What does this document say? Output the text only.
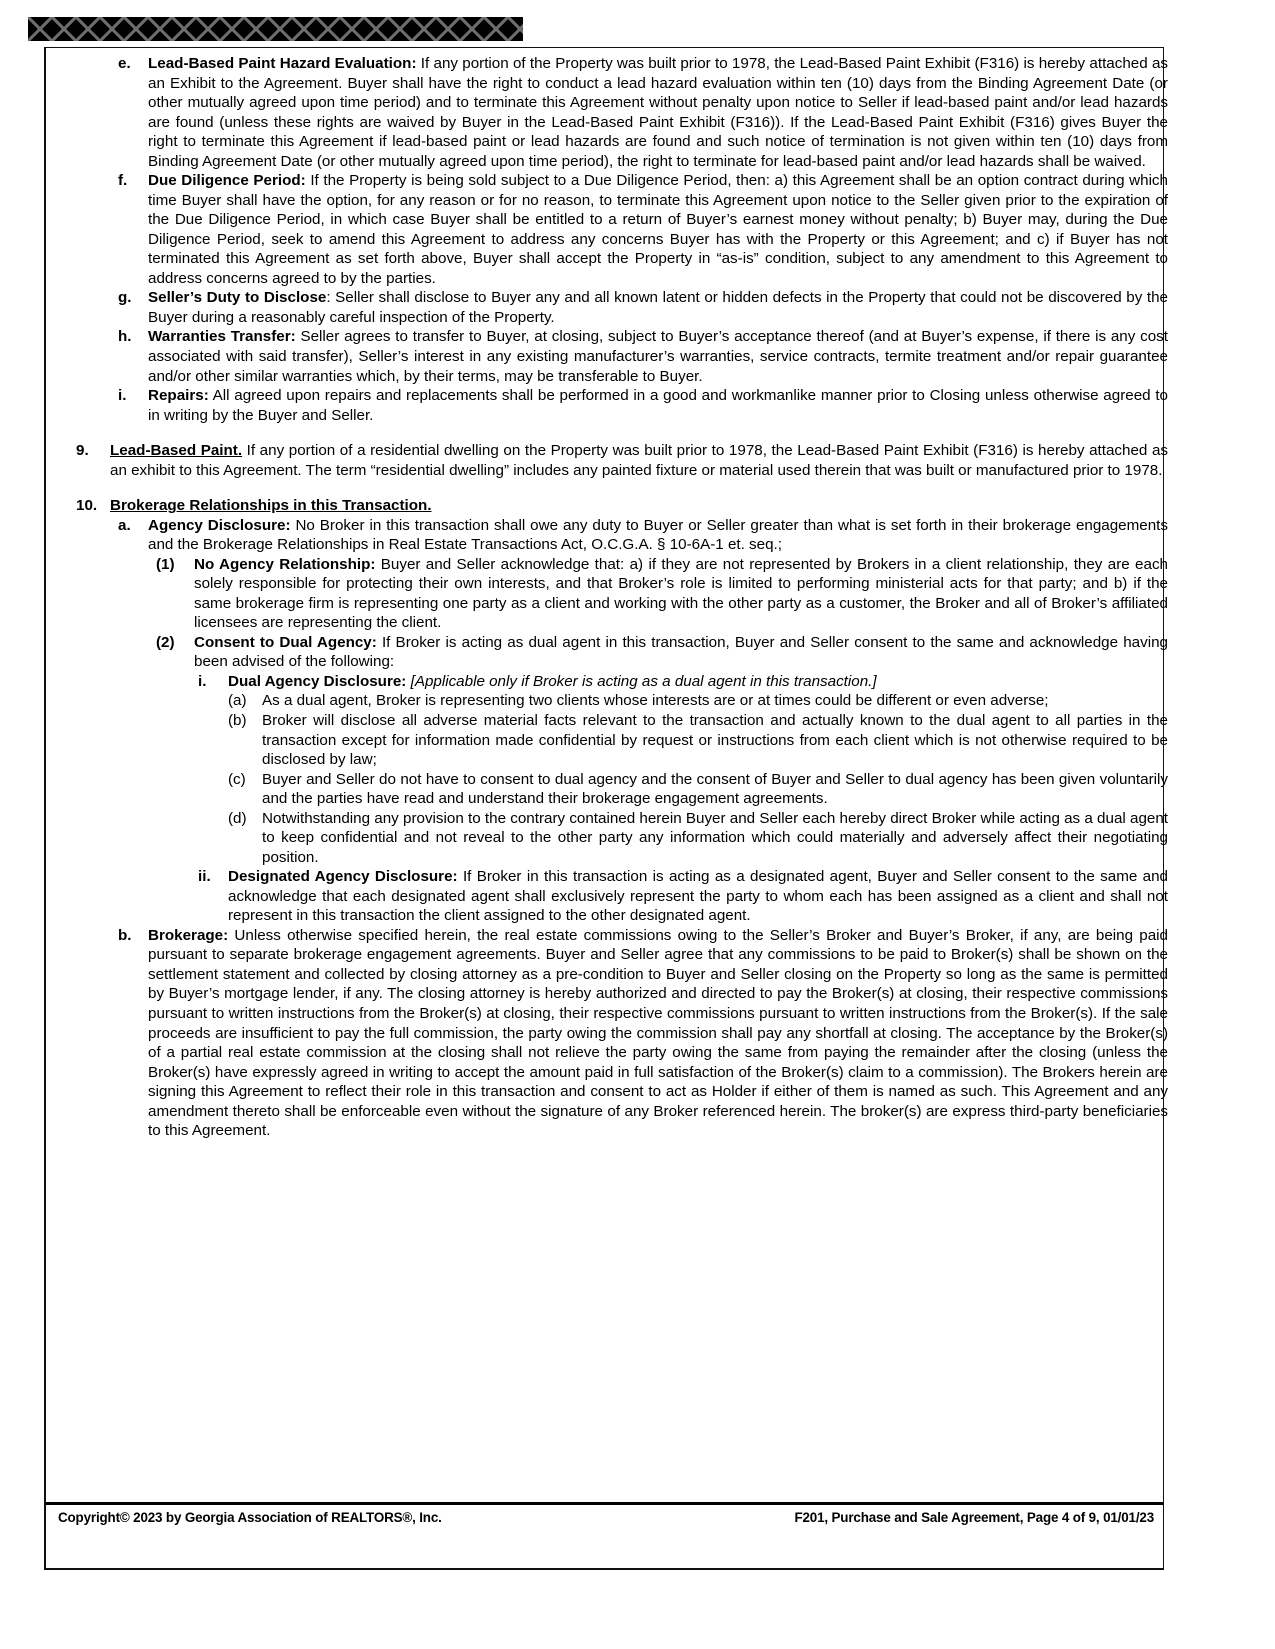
e.	Lead-Based Paint Hazard Evaluation: If any portion of the Property was built prior to 1978, the Lead-Based Paint Exhibit (F316) is hereby attached as an Exhibit to the Agreement. Buyer shall have the right to conduct a lead hazard evaluation within ten (10) days from the Binding Agreement Date (or other mutually agreed upon time period) and to terminate this Agreement without penalty upon notice to Seller if lead-based paint and/or lead hazards are found (unless these rights are waived by Buyer in the Lead-Based Paint Exhibit (F316)). If the Lead-Based Paint Exhibit (F316) gives Buyer the right to terminate this Agreement if lead-based paint or lead hazards are found and such notice of termination is not given within ten (10) days from Binding Agreement Date (or other mutually agreed upon time period), the right to terminate for lead-based paint and/or lead hazards shall be waived.
f.	Due Diligence Period: If the Property is being sold subject to a Due Diligence Period, then: a) this Agreement shall be an option contract during which time Buyer shall have the option, for any reason or for no reason, to terminate this Agreement upon notice to the Seller given prior to the expiration of the Due Diligence Period, in which case Buyer shall be entitled to a return of Buyer’s earnest money without penalty; b) Buyer may, during the Due Diligence Period, seek to amend this Agreement to address any concerns Buyer has with the Property or this Agreement; and c) if Buyer has not terminated this Agreement as set forth above, Buyer shall accept the Property in “as-is” condition, subject to any amendment to this Agreement to address concerns agreed to by the parties.
g.	Seller’s Duty to Disclose: Seller shall disclose to Buyer any and all known latent or hidden defects in the Property that could not be discovered by the Buyer during a reasonably careful inspection of the Property.
h.	Warranties Transfer: Seller agrees to transfer to Buyer, at closing, subject to Buyer’s acceptance thereof (and at Buyer’s expense, if there is any cost associated with said transfer), Seller’s interest in any existing manufacturer’s warranties, service contracts, termite treatment and/or repair guarantee and/or other similar warranties which, by their terms, may be transferable to Buyer.
i.	Repairs: All agreed upon repairs and replacements shall be performed in a good and workmanlike manner prior to Closing unless otherwise agreed to in writing by the Buyer and Seller.
9.	Lead-Based Paint. If any portion of a residential dwelling on the Property was built prior to 1978, the Lead-Based Paint Exhibit (F316) is hereby attached as an exhibit to this Agreement. The term “residential dwelling” includes any painted fixture or material used therein that was built or manufactured prior to 1978.
10. Brokerage Relationships in this Transaction.
a.	Agency Disclosure: No Broker in this transaction shall owe any duty to Buyer or Seller greater than what is set forth in their brokerage engagements and the Brokerage Relationships in Real Estate Transactions Act, O.C.G.A. § 10-6A-1 et. seq.;
(1)	No Agency Relationship: Buyer and Seller acknowledge that: a) if they are not represented by Brokers in a client relationship, they are each solely responsible for protecting their own interests, and that Broker’s role is limited to performing ministerial acts for that party; and b) if the same brokerage firm is representing one party as a client and working with the other party as a customer, the Broker and all of Broker’s affiliated licensees are representing the client.
(2)	Consent to Dual Agency: If Broker is acting as dual agent in this transaction, Buyer and Seller consent to the same and acknowledge having been advised of the following:
i.	Dual Agency Disclosure: [Applicable only if Broker is acting as a dual agent in this transaction.]
(a)	As a dual agent, Broker is representing two clients whose interests are or at times could be different or even adverse;
(b)	Broker will disclose all adverse material facts relevant to the transaction and actually known to the dual agent to all parties in the transaction except for information made confidential by request or instructions from each client which is not otherwise required to be disclosed by law;
(c)	Buyer and Seller do not have to consent to dual agency and the consent of Buyer and Seller to dual agency has been given voluntarily and the parties have read and understand their brokerage engagement agreements.
(d)	Notwithstanding any provision to the contrary contained herein Buyer and Seller each hereby direct Broker while acting as a dual agent to keep confidential and not reveal to the other party any information which could materially and adversely affect their negotiating position.
ii.	Designated Agency Disclosure: If Broker in this transaction is acting as a designated agent, Buyer and Seller consent to the same and acknowledge that each designated agent shall exclusively represent the party to whom each has been assigned as a client and shall not represent in this transaction the client assigned to the other designated agent.
b.	Brokerage: Unless otherwise specified herein, the real estate commissions owing to the Seller’s Broker and Buyer’s Broker, if any, are being paid pursuant to separate brokerage engagement agreements. Buyer and Seller agree that any commissions to be paid to Broker(s) shall be shown on the settlement statement and collected by closing attorney as a pre-condition to Buyer and Seller closing on the Property so long as the same is permitted by Buyer’s mortgage lender, if any. The closing attorney is hereby authorized and directed to pay the Broker(s) at closing, their respective commissions pursuant to written instructions from the Broker(s) at closing, their respective commissions pursuant to written instructions from the Broker(s). If the sale proceeds are insufficient to pay the full commission, the party owing the commission shall pay any shortfall at closing. The acceptance by the Broker(s) of a partial real estate commission at the closing shall not relieve the party owing the same from paying the remainder after the closing (unless the Broker(s) have expressly agreed in writing to accept the amount paid in full satisfaction of the Broker(s) claim to a commission). The Brokers herein are signing this Agreement to reflect their role in this transaction and consent to act as Holder if either of them is named as such. This Agreement and any amendment thereto shall be enforceable even without the signature of any Broker referenced herein. The broker(s) are express third-party beneficiaries to this Agreement.
Copyright© 2023 by Georgia Association of REALTORS®, Inc.	F201, Purchase and Sale Agreement, Page 4 of 9, 01/01/23
